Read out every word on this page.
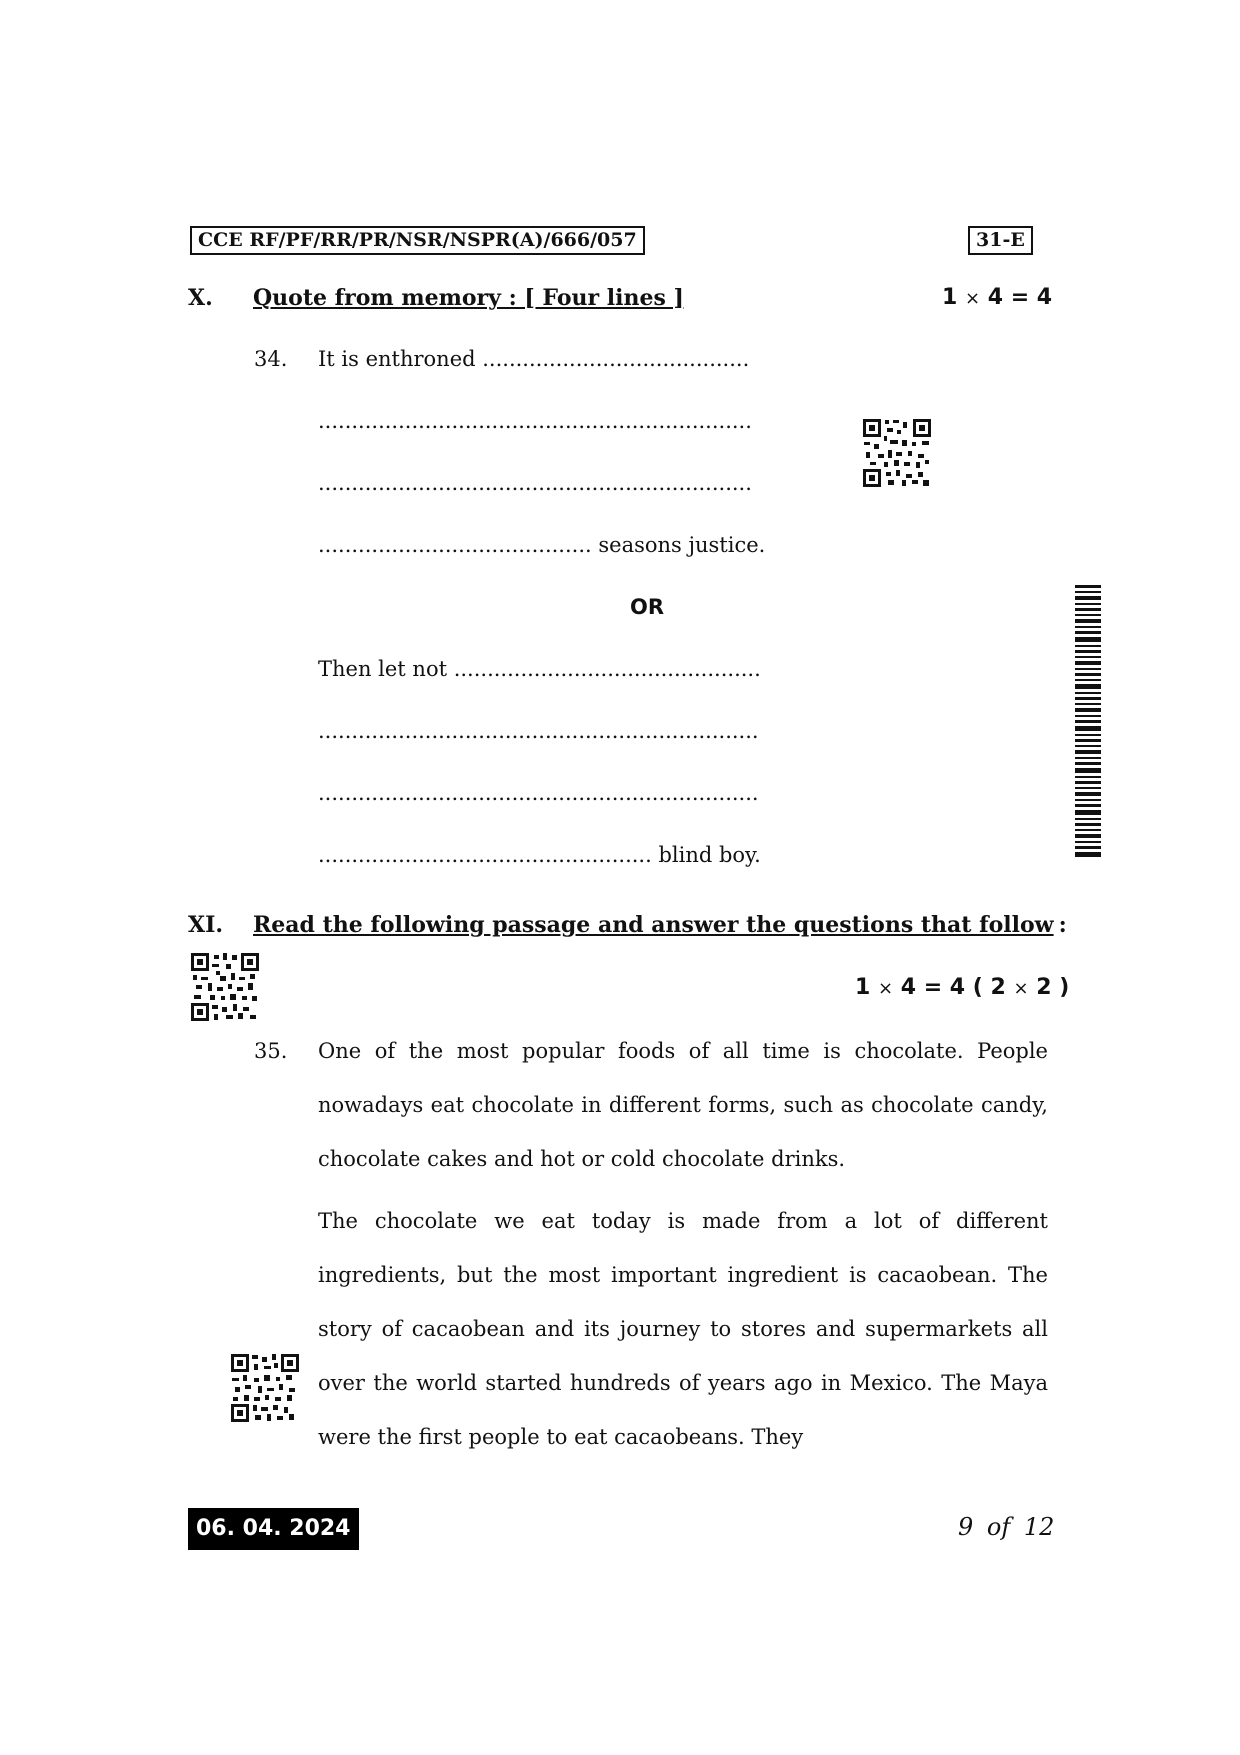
CCE RF/PF/RR/PR/NSR/NSPR(A)/666/057	31-E
X. Quote from memory : [ Four lines ]	1 × 4 = 4
34. It is enthroned ........................................
.................................................................
.................................................................
......................................... seasons justice.
OR
Then let not ..............................................
..................................................................
..................................................................
.................................................. blind boy.
XI. Read the following passage and answer the questions that follow :
1 × 4 = 4 ( 2 × 2 )
35. One of the most popular foods of all time is chocolate. People nowadays eat chocolate in different forms, such as chocolate candy, chocolate cakes and hot or cold chocolate drinks.
The chocolate we eat today is made from a lot of different ingredients, but the most important ingredient is cacaobean. The story of cacaobean and its journey to stores and supermarkets all over the world started hundreds of years ago in Mexico. The Maya were the first people to eat cacaobeans. They
06. 04. 2024	9 of 12
